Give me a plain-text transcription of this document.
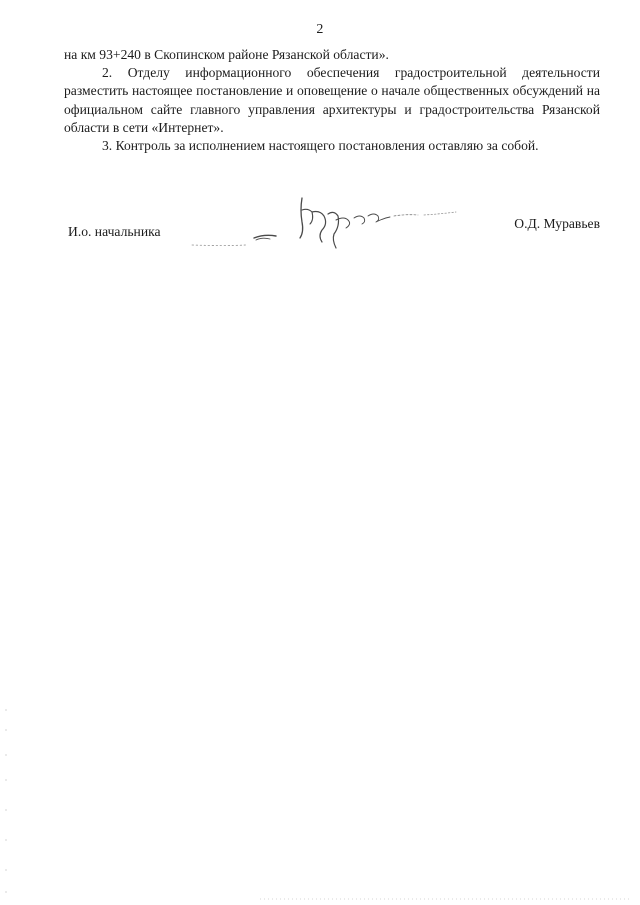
2

на км 93+240 в Скопинском районе Рязанской области».

2. Отделу информационного обеспечения градостроительной деятельности разместить настоящее постановление и оповещение о начале общественных обсуждений на официальном сайте главного управления архитектуры и градостроительства Рязанской области в сети «Интернет».

3. Контроль за исполнением настоящего постановления оставляю за собой.

И.о. начальника
О.Д. Муравьев
